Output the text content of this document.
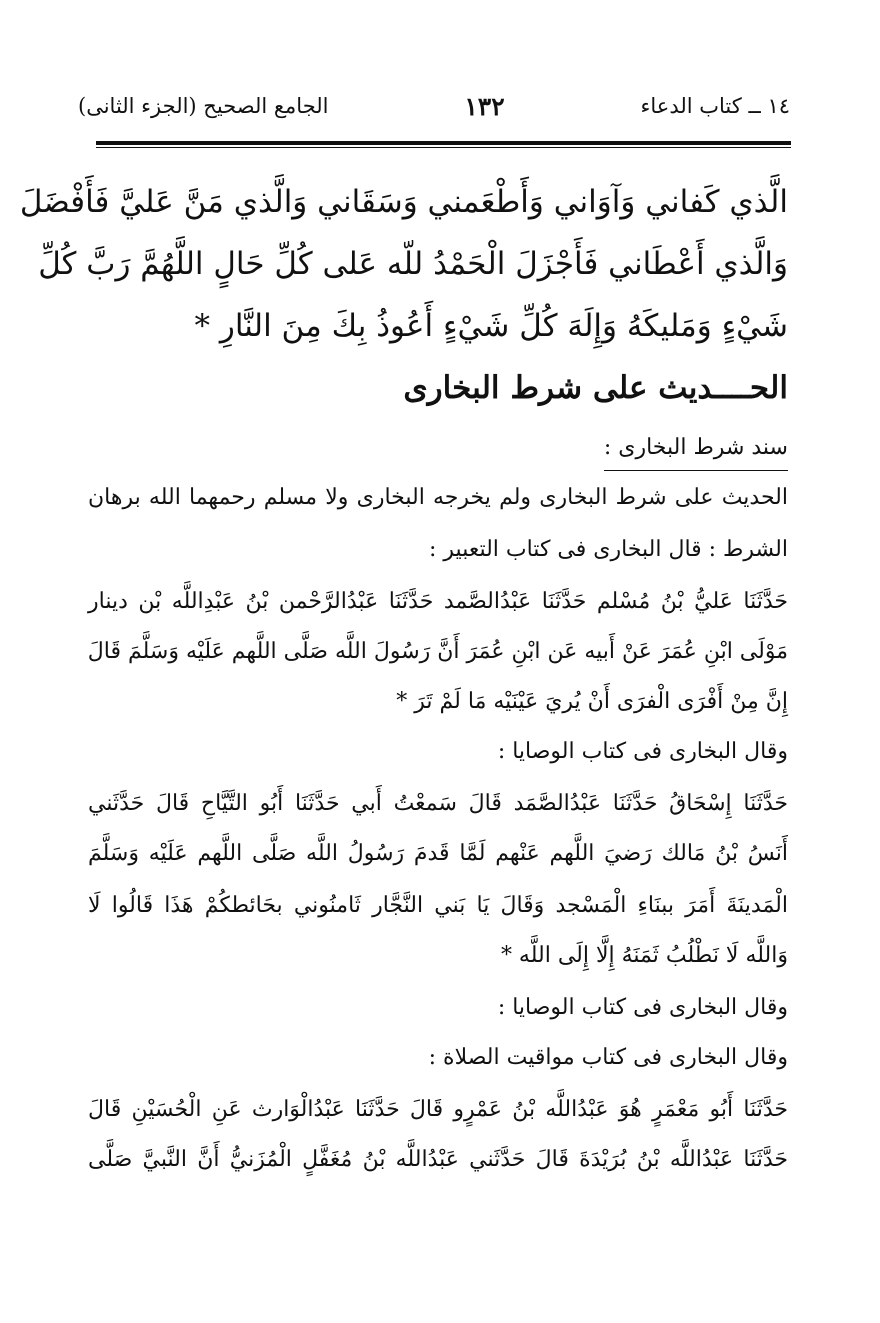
١٤ ــ كتاب الدعاء
١٣٢
الجامع الصحيح (الجزء الثانى)
الَّذي كَفاني وَآوَاني وَأَطْعَمني وَسَقَاني وَالَّذي مَنَّ عَليَّ فَأَفْضَلَ
وَالَّذي أَعْطَاني فَأَجْزَلَ الْحَمْدُ للّه عَلى كُلِّ حَالٍ اللَّهُمَّ رَبَّ كُلِّ
شَيْءٍ وَمَليكَهُ وَإِلَهَ كُلِّ شَيْءٍ أَعُوذُ بِكَ مِنَ النَّارِ *
الحــــديث على شرط البخارى
سند شرط البخارى :
الحديث على شرط البخارى ولم يخرجه البخارى ولا مسلم رحمهما الله برهان
الشرط : قال البخارى فى كتاب التعبير :
حَدَّثَنَا عَليُّ بْنُ مُسْلم حَدَّثَنَا عَبْدُالصَّمد حَدَّثَنَا عَبْدُالرَّحْمن بْنُ عَبْدِاللَّه بْن دينار
مَوْلَى ابْنِ عُمَرَ عَنْ أَبيه عَن ابْنِ عُمَرَ أَنَّ رَسُولَ اللَّه صَلَّى اللَّهم عَلَيْه وَسَلَّمَ قَالَ
إِنَّ مِنْ أَفْرَى الْفرَى أَنْ يُريَ عَيْنَيْه مَا لَمْ تَرَ *
وقال البخارى فى كتاب الوصايا :
حَدَّثَنَا إِسْحَاقُ حَدَّثَنَا عَبْدُالصَّمَد قَالَ سَمعْتُ أَبي حَدَّثَنَا أَبُو التَّيَّاحِ قَالَ حَدَّثَني
أَنَسُ بْنُ مَالك رَضيَ اللَّهم عَنْهم لَمَّا قَدمَ رَسُولُ اللَّه صَلَّى اللَّهم عَلَيْه وَسَلَّمَ
الْمَدينَةَ أَمَرَ ببنَاءِ الْمَسْجد وَقَالَ يَا بَني النَّجَّار ثَامنُوني بحَائطكُمْ هَذَا قَالُوا لَا
وَاللَّه لَا نَطْلُبُ ثَمَنَهُ إِلَّا إِلَى اللَّه *
وقال البخارى فى كتاب الوصايا :
وقال البخارى فى كتاب مواقيت الصلاة :
حَدَّثَنَا أَبُو مَعْمَرٍ هُوَ عَبْدُاللَّه بْنُ عَمْرٍو قَالَ حَدَّثَنَا عَبْدُالْوَارث عَنِ الْحُسَيْنِ قَالَ
حَدَّثَنَا عَبْدُاللَّه بْنُ بُرَيْدَةَ قَالَ حَدَّثَني عَبْدُاللَّه بْنُ مُغَفَّلٍ الْمُزَنيُّ أَنَّ النَّبيَّ صَلَّى
